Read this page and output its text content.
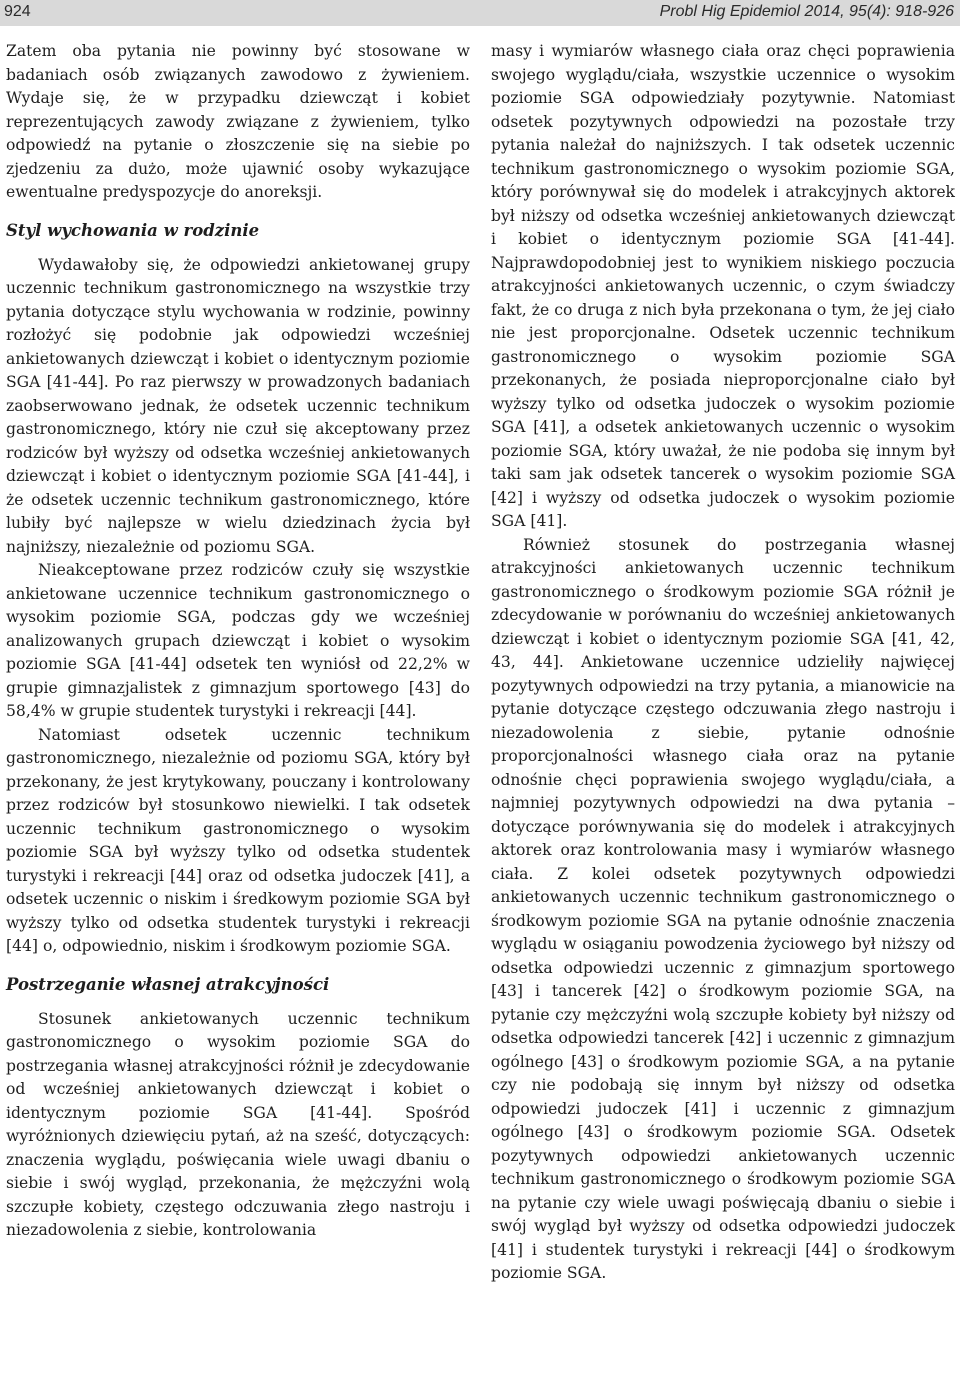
924	Probl Hig Epidemiol 2014, 95(4): 918-926

Zatem oba pytania nie powinny być stosowane w badaniach osób związanych zawodowo z żywieniem. Wydaje się, że w przypadku dziewcząt i kobiet reprezentujących zawody związane z żywieniem, tylko odpowiedź na pytanie o złoszczenie się na siebie po zjedzeniu za dużo, może ujawnić osoby wykazujące ewentualne predyspozycje do anoreksji.

Styl wychowania w rodzinie

Wydawałoby się, że odpowiedzi ankietowanej grupy uczennic technikum gastronomicznego na wszystkie trzy pytania dotyczące stylu wychowania w rodzinie, powinny rozłożyć się podobnie jak odpowiedzi wcześniej ankietowanych dziewcząt i kobiet o identycznym poziomie SGA [41-44]. Po raz pierwszy w prowadzonych badaniach zaobserwowano jednak, że odsetek uczennic technikum gastronomicznego, który nie czuł się akceptowany przez rodziców był wyższy od odsetka wcześniej ankietowanych dziewcząt i kobiet o identycznym poziomie SGA [41-44], i że odsetek uczennic technikum gastronomicznego, które lubiły być najlepsze w wielu dziedzinach życia był najniższy, niezależnie od poziomu SGA.

Nieakceptowane przez rodziców czuły się wszystkie ankietowane uczennice technikum gastronomicznego o wysokim poziomie SGA, podczas gdy we wcześniej analizowanych grupach dziewcząt i kobiet o wysokim poziomie SGA [41-44] odsetek ten wyniósł od 22,2% w grupie gimnazjalistek z gimnazjum sportowego [43] do 58,4% w grupie studentek turystyki i rekreacji [44].

Natomiast odsetek uczennic technikum gastronomicznego, niezależnie od poziomu SGA, który był przekonany, że jest krytykowany, pouczany i kontrolowany przez rodziców był stosunkowo niewielki. I tak odsetek uczennic technikum gastronomicznego o wysokim poziomie SGA był wyższy tylko od odsetka studentek turystyki i rekreacji [44] oraz od odsetka judoczek [41], a odsetek uczennic o niskim i średkowym poziomie SGA był wyższy tylko od odsetka studentek turystyki i rekreacji [44] o, odpowiednio, niskim i środkowym poziomie SGA.

Postrzeganie własnej atrakcyjności

Stosunek ankietowanych uczennic technikum gastronomicznego o wysokim poziomie SGA do postrzegania własnej atrakcyjności różnił je zdecydowanie od wcześniej ankietowanych dziewcząt i kobiet o identycznym poziomie SGA [41-44]. Spośród wyróżnionych dziewięciu pytań, aż na sześć, dotyczących: znaczenia wyglądu, poświęcania wiele uwagi dbaniu o siebie i swój wygląd, przekonania, że mężczyźni wolą szczupłe kobiety, częstego odczuwania złego nastroju i niezadowolenia z siebie, kontrolowania

masy i wymiarów własnego ciała oraz chęci poprawienia swojego wyglądu/ciała, wszystkie uczennice o wysokim poziomie SGA odpowiedziały pozytywnie. Natomiast odsetek pozytywnych odpowiedzi na pozostałe trzy pytania należał do najniższych. I tak odsetek uczennic technikum gastronomicznego o wysokim poziomie SGA, który porównywał się do modelek i atrakcyjnych aktorek był niższy od odsetka wcześniej ankietowanych dziewcząt i kobiet o identycznym poziomie SGA [41-44]. Najprawdopodobniej jest to wynikiem niskiego poczucia atrakcyjności ankietowanych uczennic, o czym świadczy fakt, że co druga z nich była przekonana o tym, że jej ciało nie jest proporcjonalne. Odsetek uczennic technikum gastronomicznego o wysokim poziomie SGA przekonanych, że posiada nieproporcjonalne ciało był wyższy tylko od odsetka judoczek o wysokim poziomie SGA [41], a odsetek ankietowanych uczennic o wysokim poziomie SGA, który uważał, że nie podoba się innym był taki sam jak odsetek tancerek o wysokim poziomie SGA [42] i wyższy od odsetka judoczek o wysokim poziomie SGA [41].

Również stosunek do postrzegania własnej atrakcyjności ankietowanych uczennic technikum gastronomicznego o środkowym poziomie SGA różnił je zdecydowanie w porównaniu do wcześniej ankietowanych dziewcząt i kobiet o identycznym poziomie SGA [41, 42, 43, 44]. Ankietowane uczennice udzieliły najwięcej pozytywnych odpowiedzi na trzy pytania, a mianowicie na pytanie dotyczące częstego odczuwania złego nastroju i niezadowolenia z siebie, pytanie odnośnie proporcjonalności własnego ciała oraz na pytanie odnośnie chęci poprawienia swojego wyglądu/ciała, a najmniej pozytywnych odpowiedzi na dwa pytania – dotyczące porównywania się do modelek i atrakcyjnych aktorek oraz kontrolowania masy i wymiarów własnego ciała. Z kolei odsetek pozytywnych odpowiedzi ankietowanych uczennic technikum gastronomicznego o środkowym poziomie SGA na pytanie odnośnie znaczenia wyglądu w osiąganiu powodzenia życiowego był niższy od odsetka odpowiedzi uczennic z gimnazjum sportowego [43] i tancerek [42] o środkowym poziomie SGA, na pytanie czy mężczyźni wolą szczupłe kobiety był niższy od odsetka odpowiedzi tancerek [42] i uczennic z gimnazjum ogólnego [43] o środkowym poziomie SGA, a na pytanie czy nie podobają się innym był niższy od odsetka odpowiedzi judoczek [41] i uczennic z gimnazjum ogólnego [43] o środkowym poziomie SGA. Odsetek pozytywnych odpowiedzi ankietowanych uczennic technikum gastronomicznego o środkowym poziomie SGA na pytanie czy wiele uwagi poświęcają dbaniu o siebie i swój wygląd był wyższy od odsetka odpowiedzi judoczek [41] i studentek turystyki i rekreacji [44] o środkowym poziomie SGA.
